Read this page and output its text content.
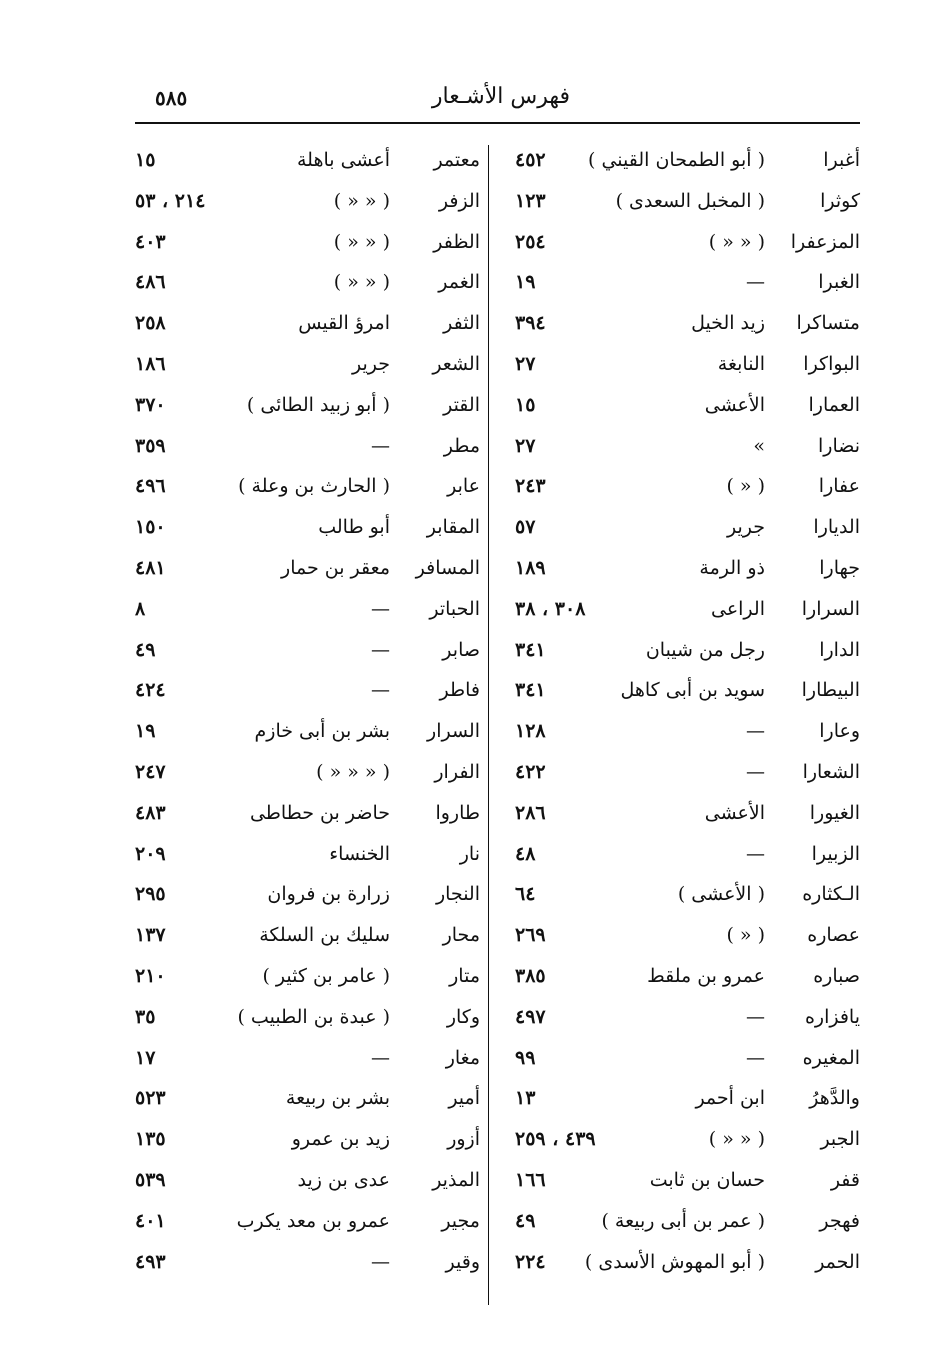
فهرس الأشـعار
٥٨٥
أغبرا
( أبو الطمحان القيني )
٤٥٢
كوثرا
( المخبل السعدى )
١٢٣
المزعفرا
( « « )
٢٥٤
الغبرا
—
١٩
متساكرا
زيد الخيل
٣٩٤
البواكرا
النابغة
٢٧
العمارا
الأعشى
١٥
نضارا
»
٢٧
عفارا
( « )
٢٤٣
الديارا
جرير
٥٧
جهارا
ذو الرمة
١٨٩
السرارا
الراعى
٣٠٨ ، ٣٨
الدارا
رجل من شيبان
٣٤١
البيطارا
سويد بن أبى كاهل
٣٤١
وعارا
—
١٢٨
الشعارا
—
٤٢٢
الغيورا
الأعشى
٢٨٦
الزبيرا
—
٤٨
الـكثاره
( الأعشى )
٦٤
عصاره
( « )
٢٦٩
صباره
عمرو بن ملقط
٣٨٥
يافزاره
—
٤٩٧
المغيره
—
٩٩
والدَّهرُ
ابن أحمر
١٣
الجبر
( « « )
٤٣٩ ، ٢٥٩
قفر
حسان بن ثابت
١٦٦
فهجر
( عمر بن أبى ربيعة )
٤٩
الحمر
( أبو المهوش الأسدى )
٢٢٤
معتمر
أعشى باهلة
١٥
الزفر
( « « )
٢١٤ ، ٥٣
الظفر
( « « )
٤٠٣
الغمر
( « « )
٤٨٦
الثفر
امرؤ القيس
٢٥٨
الشعر
جرير
١٨٦
القتر
( أبو زبيد الطائى )
٣٧٠
مطر
—
٣٥٩
عابر
( الحارث بن وعلة )
٤٩٦
المقابر
أبو طالب
١٥٠
المسافر
معقر بن حمار
٤٨١
الحباتر
—
٨
صابر
—
٤٩
فاطر
—
٤٢٤
السرار
بشر بن أبى خازم
١٩
الفرار
( « « « )
٢٤٧
طاروا
حاضر بن حطاطى
٤٨٣
نار
الخنساء
٢٠٩
النجار
زرارة بن فروان
٢٩٥
محار
سليك بن السلكة
١٣٧
متار
( عامر بن كثير )
٢١٠
وكار
( عبدة بن الطبيب )
٣٥
مغار
—
١٧
أمير
بشر بن ربيعة
٥٢٣
أزور
زيد بن عمرو
١٣٥
المذير
عدى بن زيد
٥٣٩
مجير
عمرو بن معد يكرب
٤٠١
وقير
—
٤٩٣
